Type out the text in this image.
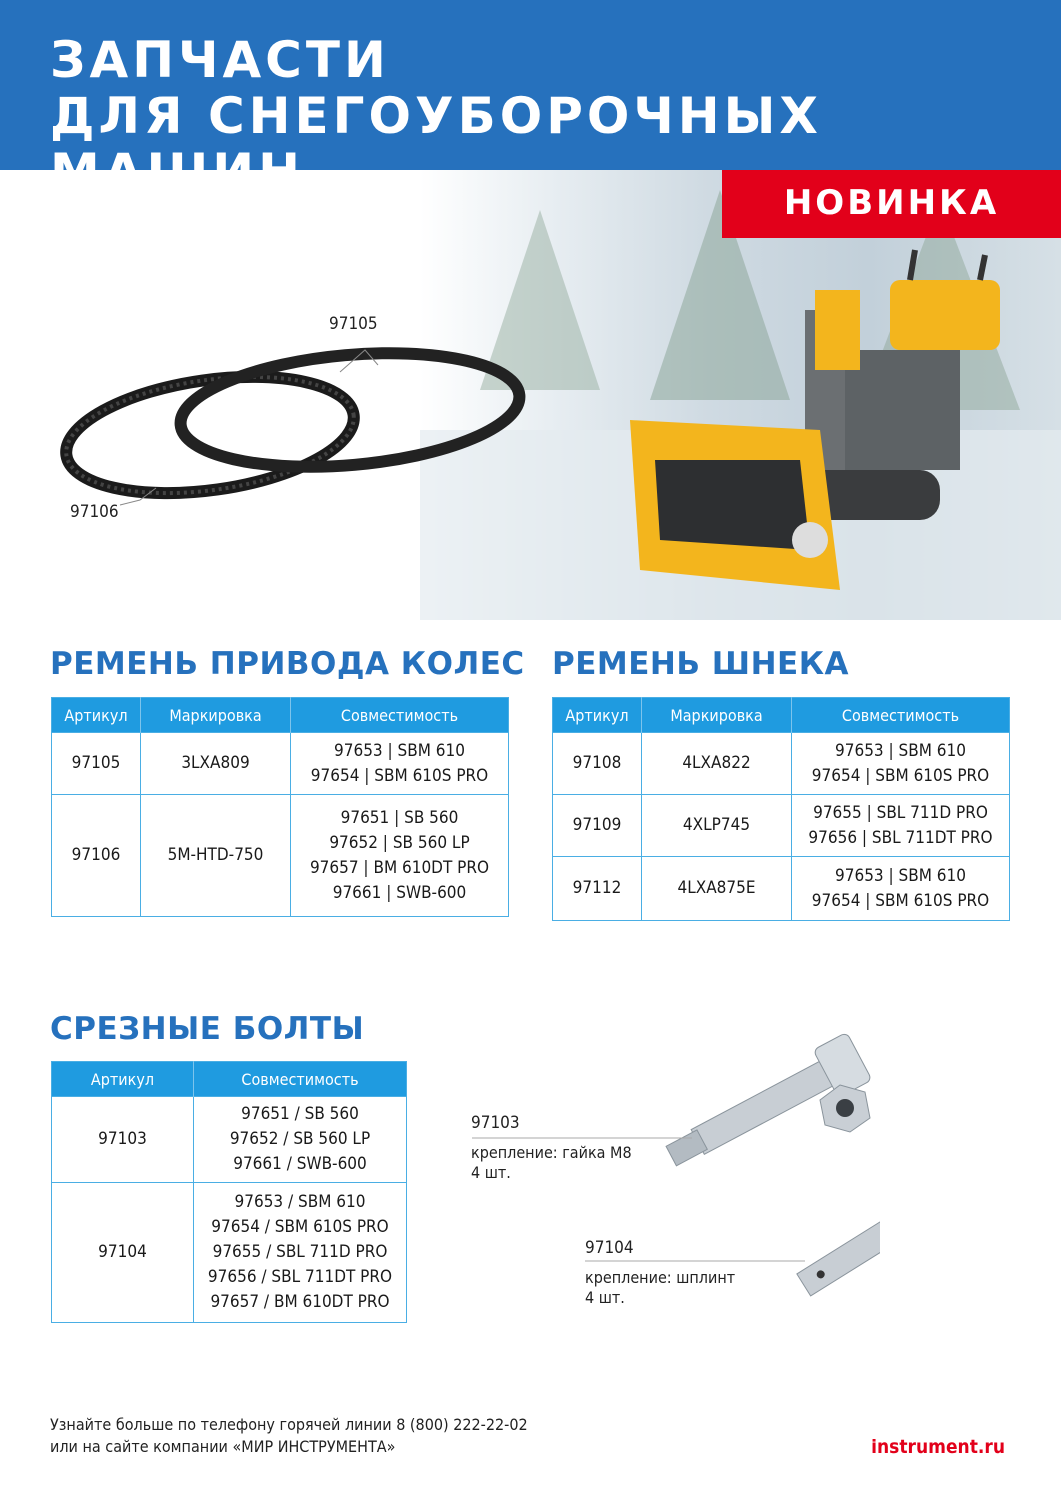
ЗАПЧАСТИ
ДЛЯ СНЕГОУБОРОЧНЫХ МАШИН
НОВИНКА
97105
97106
РЕМЕНЬ ПРИВОДА КОЛЕС
Артикул	Маркировка	Совместимость
97105	3LXA809	97653 | SBM 610
97654 | SBM 610S PRO

97106	5M-HTD-750	97651 | SB 560
97652 | SB 560 LP
97657 | BM 610DT PRO
97661 | SWB-600
РЕМЕНЬ ШНЕКА
Артикул	Маркировка	Совместимость
97108	4LXA822	97653 | SBM 610
97654 | SBM 610S PRO

97109	4XLP745	97655 | SBL 711D PRO
97656 | SBL 711DT PRO

97112	4LXA875E	97653 | SBM 610
97654 | SBM 610S PRO
СРЕЗНЫЕ БОЛТЫ
Артикул	Совместимость
97103	97651 / SB 560
97652 / SB 560 LP
97661 / SWB-600

97104	97653 / SBM 610
97654 / SBM 610S PRO
97655 / SBL 711D PRO
97656 / SBL 711DT PRO
97657 / BM 610DT PRO
97103
крепление: гайка М8
4 шт.
97104
крепление: шплинт
4 шт.
Узнайте больше по телефону горячей линии 8 (800) 222-22-02
или на сайте компании «МИР ИНСТРУМЕНТА»	instrument.ru
